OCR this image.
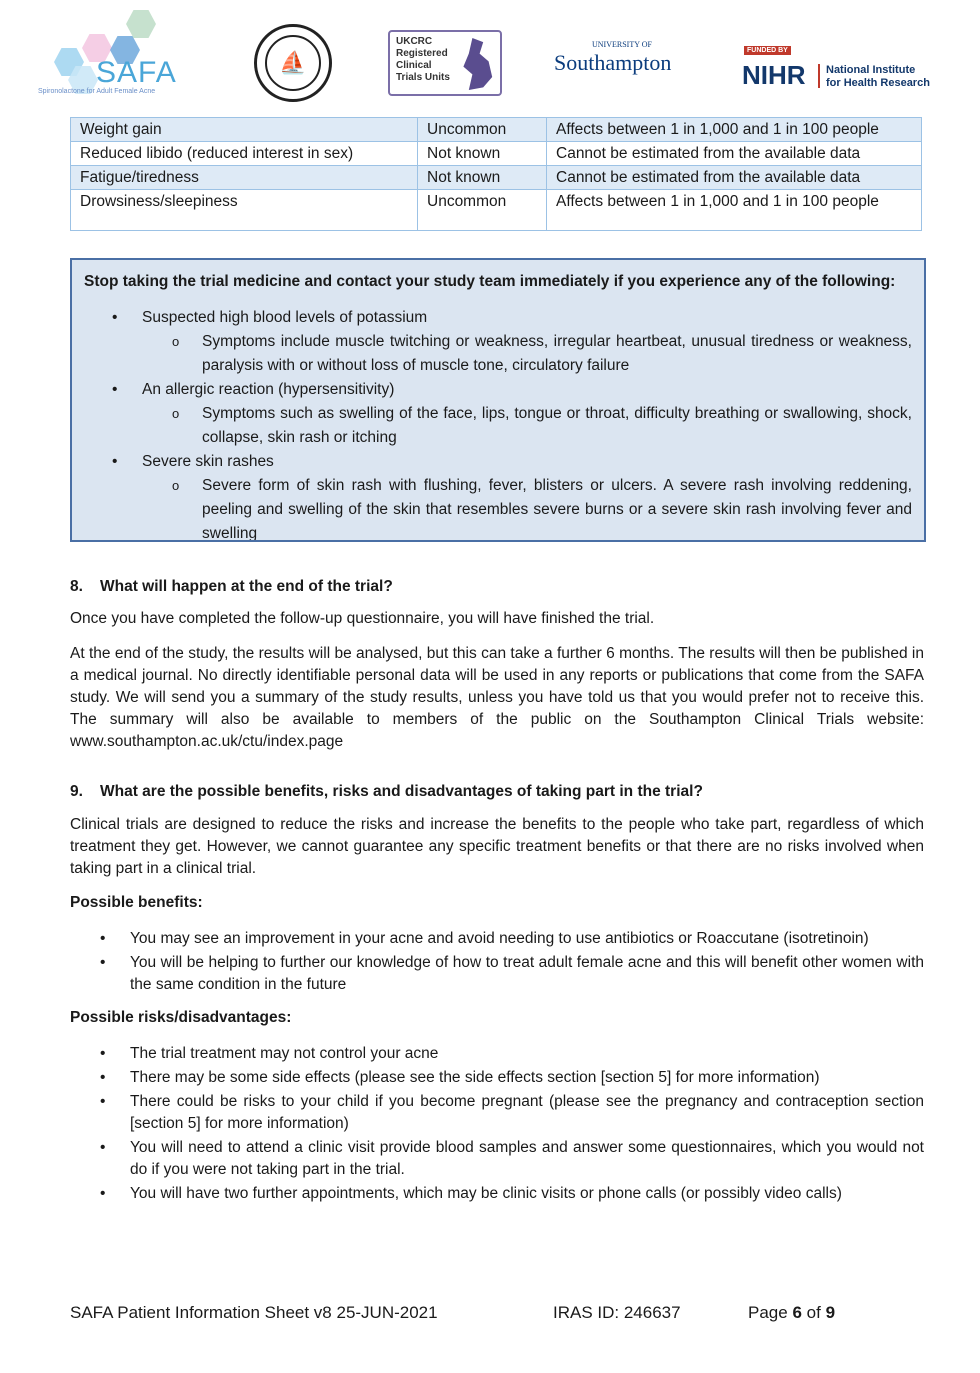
SAFA
Spironolactone for Adult Female Acne
⛵
UKCRC
Registered
Clinical
Trials Units
UNIVERSITY OF
Southampton	FUNDED BY
NIHR National Institute
for Health Research
Weight gain	Uncommon	Affects between 1 in 1,000 and 1 in 100 people
Reduced libido (reduced interest in sex)	Not known	Cannot be estimated from the available data
Fatigue/tiredness	Not known	Cannot be estimated from the available data
Drowsiness/sleepiness	Uncommon	Affects between 1 in 1,000 and 1 in 100 people
Stop taking the trial medicine and contact your study team immediately if you experience any of the following:
• Suspected high blood levels of potassium
o Symptoms include muscle twitching or weakness, irregular heartbeat, unusual tiredness or weakness, paralysis with or without loss of muscle tone, circulatory failure
• An allergic reaction (hypersensitivity)
o Symptoms such as swelling of the face, lips, tongue or throat, difficulty breathing or swallowing, shock, collapse, skin rash or itching
• Severe skin rashes
o Severe form of skin rash with flushing, fever, blisters or ulcers. A severe rash involving reddening, peeling and swelling of the skin that resembles severe burns or a severe skin rash involving fever and swelling
8. What will happen at the end of the trial?
Once you have completed the follow-up questionnaire, you will have finished the trial.
At the end of the study, the results will be analysed, but this can take a further 6 months. The results will then be published in a medical journal. No directly identifiable personal data will be used in any reports or publications that come from the SAFA study. We will send you a summary of the study results, unless you have told us that you would prefer not to receive this. The summary will also be available to members of the public on the Southampton Clinical Trials website: www.southampton.ac.uk/ctu/index.page
9. What are the possible benefits, risks and disadvantages of taking part in the trial?
Clinical trials are designed to reduce the risks and increase the benefits to the people who take part, regardless of which treatment they get. However, we cannot guarantee any specific treatment benefits or that there are no risks involved when taking part in a clinical trial.
Possible benefits:
• You may see an improvement in your acne and avoid needing to use antibiotics or Roaccutane (isotretinoin)
• You will be helping to further our knowledge of how to treat adult female acne and this will benefit other women with the same condition in the future
Possible risks/disadvantages:
• The trial treatment may not control your acne
• There may be some side effects (please see the side effects section [section 5] for more information)
• There could be risks to your child if you become pregnant (please see the pregnancy and contraception section [section 5] for more information)
• You will need to attend a clinic visit provide blood samples and answer some questionnaires, which you would not do if you were not taking part in the trial.
• You will have two further appointments, which may be clinic visits or phone calls (or possibly video calls)
SAFA Patient Information Sheet v8 25-JUN-2021	IRAS ID: 246637	Page 6 of 9
